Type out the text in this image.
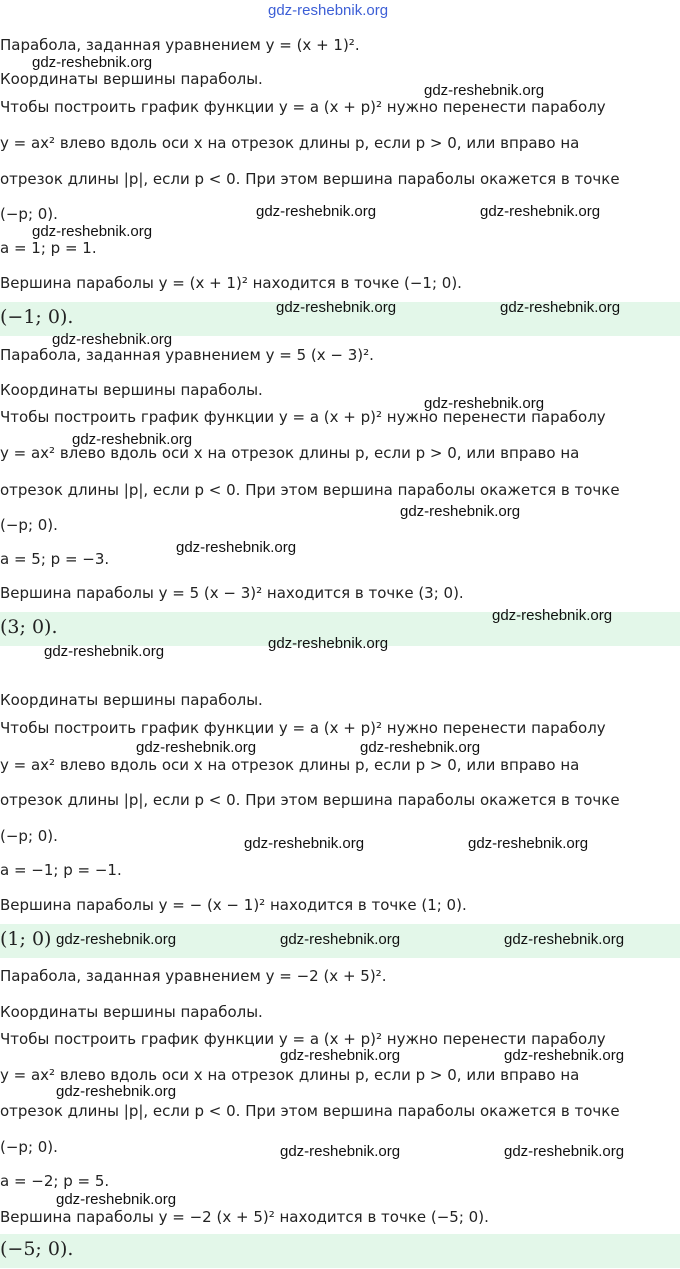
gdz-reshebnik.org
Парабола, заданная уравнением y = (x + 1)².
Координаты вершины параболы.
Чтобы построить график функции y = a (x + p)² нужно перенести параболу
y = ax² влево вдоль оси x на отрезок длины p, если p > 0, или вправо на
отрезок длины |p|, если p < 0. При этом вершина параболы окажется в точке
(−p; 0).
a = 1; p = 1.
Вершина параболы y = (x + 1)² находится в точке (−1; 0).
(−1; 0).
Парабола, заданная уравнением y = 5 (x − 3)².
Координаты вершины параболы.
Чтобы построить график функции y = a (x + p)² нужно перенести параболу
y = ax² влево вдоль оси x на отрезок длины p, если p > 0, или вправо на
отрезок длины |p|, если p < 0. При этом вершина параболы окажется в точке
(−p; 0).
a = 5; p = −3.
Вершина параболы y = 5 (x − 3)² находится в точке (3; 0).
(3; 0).
Координаты вершины параболы.
Чтобы построить график функции y = a (x + p)² нужно перенести параболу
y = ax² влево вдоль оси x на отрезок длины p, если p > 0, или вправо на
отрезок длины |p|, если p < 0. При этом вершина параболы окажется в точке
(−p; 0).
a = −1; p = −1.
Вершина параболы y = − (x − 1)² находится в точке (1; 0).
(1; 0)
Парабола, заданная уравнением y = −2 (x + 5)².
Координаты вершины параболы.
Чтобы построить график функции y = a (x + p)² нужно перенести параболу
y = ax² влево вдоль оси x на отрезок длины p, если p > 0, или вправо на
отрезок длины |p|, если p < 0. При этом вершина параболы окажется в точке
(−p; 0).
a = −2; p = 5.
Вершина параболы y = −2 (x + 5)² находится в точке (−5; 0).
(−5; 0).
gdz-reshebnik.org
gdz-reshebnik.org
gdz-reshebnik.org	gdz-reshebnik.org
gdz-reshebnik.org
gdz-reshebnik.org	gdz-reshebnik.org
gdz-reshebnik.org
gdz-reshebnik.org
gdz-reshebnik.org
gdz-reshebnik.org
gdz-reshebnik.org
gdz-reshebnik.org
gdz-reshebnik.org
gdz-reshebnik.org
gdz-reshebnik.org	gdz-reshebnik.org
gdz-reshebnik.org	gdz-reshebnik.org
gdz-reshebnik.org	gdz-reshebnik.org	gdz-reshebnik.org
gdz-reshebnik.org	gdz-reshebnik.org
gdz-reshebnik.org
gdz-reshebnik.org	gdz-reshebnik.org
gdz-reshebnik.org
